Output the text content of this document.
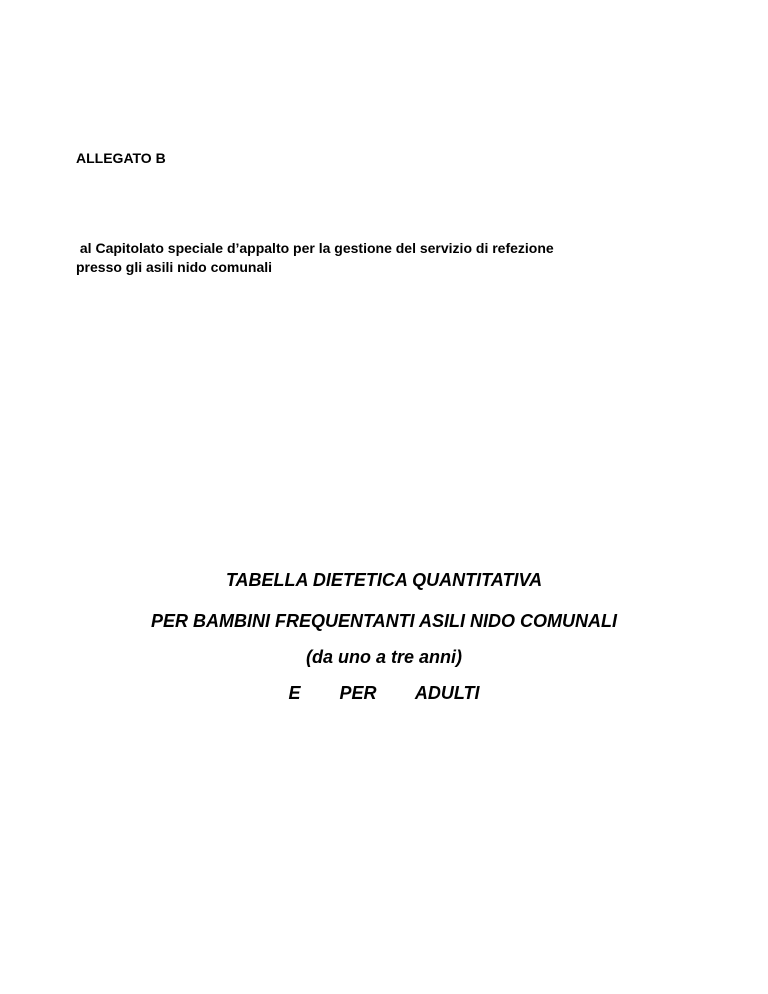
ALLEGATO B

al Capitolato speciale d’appalto per la gestione del servizio di refezione
presso gli asili nido comunali

TABELLA DIETETICA QUANTITATIVA
PER BAMBINI FREQUENTANTI ASILI NIDO COMUNALI
(da uno a tre anni)
E   PER   ADULTI
